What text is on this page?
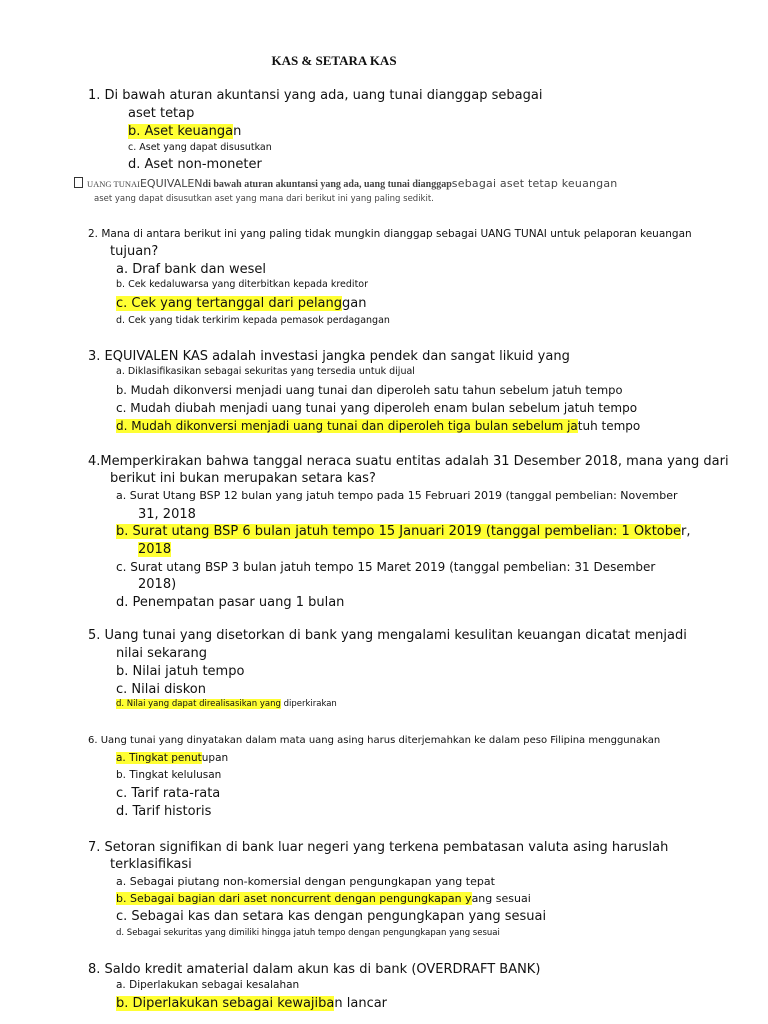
KAS & SETARA KAS
1. Di bawah aturan akuntansi yang ada, uang tunai dianggap sebagai
aset tetap
b. Aset keuangan
c. Aset yang dapat disusutkan
d. Aset non-moneter
UANG TUNAIEQUIVALENdi bawah aturan akuntansi yang ada, uang tunai dianggapsebagai aset tetap keuangan
aset yang dapat disusutkan aset yang mana dari berikut ini yang paling sedikit.
2. Mana di antara berikut ini yang paling tidak mungkin dianggap sebagai UANG TUNAI untuk pelaporan keuangan
tujuan?
a. Draf bank dan wesel
b. Cek kedaluwarsa yang diterbitkan kepada kreditor
c. Cek yang tertanggal dari pelanggan
d. Cek yang tidak terkirim kepada pemasok perdagangan
3. EQUIVALEN KAS adalah investasi jangka pendek dan sangat likuid yang
a. Diklasifikasikan sebagai sekuritas yang tersedia untuk dijual
b. Mudah dikonversi menjadi uang tunai dan diperoleh satu tahun sebelum jatuh tempo
c. Mudah diubah menjadi uang tunai yang diperoleh enam bulan sebelum jatuh tempo
d. Mudah dikonversi menjadi uang tunai dan diperoleh tiga bulan sebelum jatuh tempo
4.Memperkirakan bahwa tanggal neraca suatu entitas adalah 31 Desember 2018, mana yang dari
berikut ini bukan merupakan setara kas?
a. Surat Utang BSP 12 bulan yang jatuh tempo pada 15 Februari 2019 (tanggal pembelian: November
31, 2018
b. Surat utang BSP 6 bulan jatuh tempo 15 Januari 2019 (tanggal pembelian: 1 Oktober,
2018
c. Surat utang BSP 3 bulan jatuh tempo 15 Maret 2019 (tanggal pembelian: 31 Desember
2018)
d. Penempatan pasar uang 1 bulan
5. Uang tunai yang disetorkan di bank yang mengalami kesulitan keuangan dicatat menjadi
nilai sekarang
b. Nilai jatuh tempo
c. Nilai diskon
d. Nilai yang dapat direalisasikan yang diperkirakan
6. Uang tunai yang dinyatakan dalam mata uang asing harus diterjemahkan ke dalam peso Filipina menggunakan
a. Tingkat penutupan
b. Tingkat kelulusan
c. Tarif rata-rata
d. Tarif historis
7. Setoran signifikan di bank luar negeri yang terkena pembatasan valuta asing haruslah
terklasifikasi
a. Sebagai piutang non-komersial dengan pengungkapan yang tepat
b. Sebagai bagian dari aset noncurrent dengan pengungkapan yang sesuai
c. Sebagai kas dan setara kas dengan pengungkapan yang sesuai
d. Sebagai sekuritas yang dimiliki hingga jatuh tempo dengan pengungkapan yang sesuai
8. Saldo kredit amaterial dalam akun kas di bank (OVERDRAFT BANK)
a. Diperlakukan sebagai kesalahan
b. Diperlakukan sebagai kewajiban lancar
